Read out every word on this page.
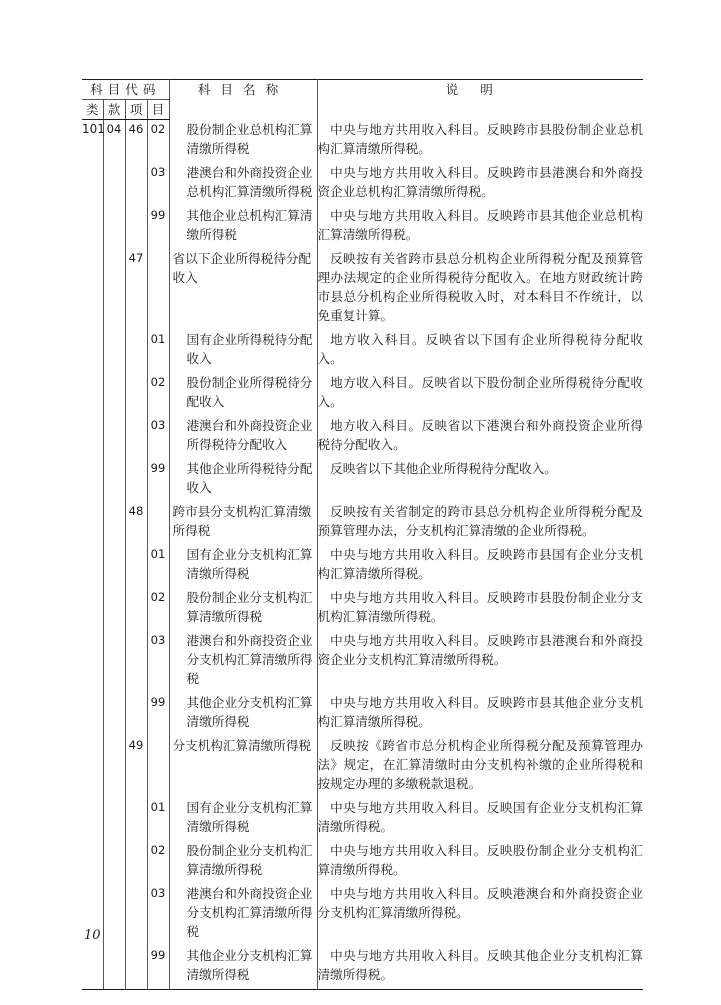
科目代码				科目名称	说明
类	款	项	目		
101	04	46	02	股份制企业总机构汇算清缴所得税	中央与地方共用收入科目。反映跨市县股份制企业总机构汇算清缴所得税。

			03	港澳台和外商投资企业总机构汇算清缴所得税	中央与地方共用收入科目。反映跨市县港澳台和外商投资企业总机构汇算清缴所得税。

			99	其他企业总机构汇算清缴所得税	中央与地方共用收入科目。反映跨市县其他企业总机构汇算清缴所得税。

		47		省以下企业所得税待分配收入	反映按有关省跨市县总分机构企业所得税分配及预算管理办法规定的企业所得税待分配收入。在地方财政统计跨市县总分机构企业所得税收入时，对本科目不作统计，以免重复计算。

			01	国有企业所得税待分配收入	地方收入科目。反映省以下国有企业所得税待分配收入。

			02	股份制企业所得税待分配收入	地方收入科目。反映省以下股份制企业所得税待分配收入。

			03	港澳台和外商投资企业所得税待分配收入	地方收入科目。反映省以下港澳台和外商投资企业所得税待分配收入。

			99	其他企业所得税待分配收入	反映省以下其他企业所得税待分配收入。

		48		跨市县分支机构汇算清缴所得税	反映按有关省制定的跨市县总分机构企业所得税分配及预算管理办法，分支机构汇算清缴的企业所得税。

			01	国有企业分支机构汇算清缴所得税	中央与地方共用收入科目。反映跨市县国有企业分支机构汇算清缴所得税。

			02	股份制企业分支机构汇算清缴所得税	中央与地方共用收入科目。反映跨市县股份制企业分支机构汇算清缴所得税。

			03	港澳台和外商投资企业分支机构汇算清缴所得税	中央与地方共用收入科目。反映跨市县港澳台和外商投资企业分支机构汇算清缴所得税。

			99	其他企业分支机构汇算清缴所得税	中央与地方共用收入科目。反映跨市县其他企业分支机构汇算清缴所得税。

		49		分支机构汇算清缴所得税	反映按《跨省市总分机构企业所得税分配及预算管理办法》规定，在汇算清缴时由分支机构补缴的企业所得税和按规定办理的多缴税款退税。

			01	国有企业分支机构汇算清缴所得税	中央与地方共用收入科目。反映国有企业分支机构汇算清缴所得税。

			02	股份制企业分支机构汇算清缴所得税	中央与地方共用收入科目。反映股份制企业分支机构汇算清缴所得税。

			03	港澳台和外商投资企业分支机构汇算清缴所得税	中央与地方共用收入科目。反映港澳台和外商投资企业分支机构汇算清缴所得税。

			99	其他企业分支机构汇算清缴所得税	中央与地方共用收入科目。反映其他企业分支机构汇算清缴所得税。
10
